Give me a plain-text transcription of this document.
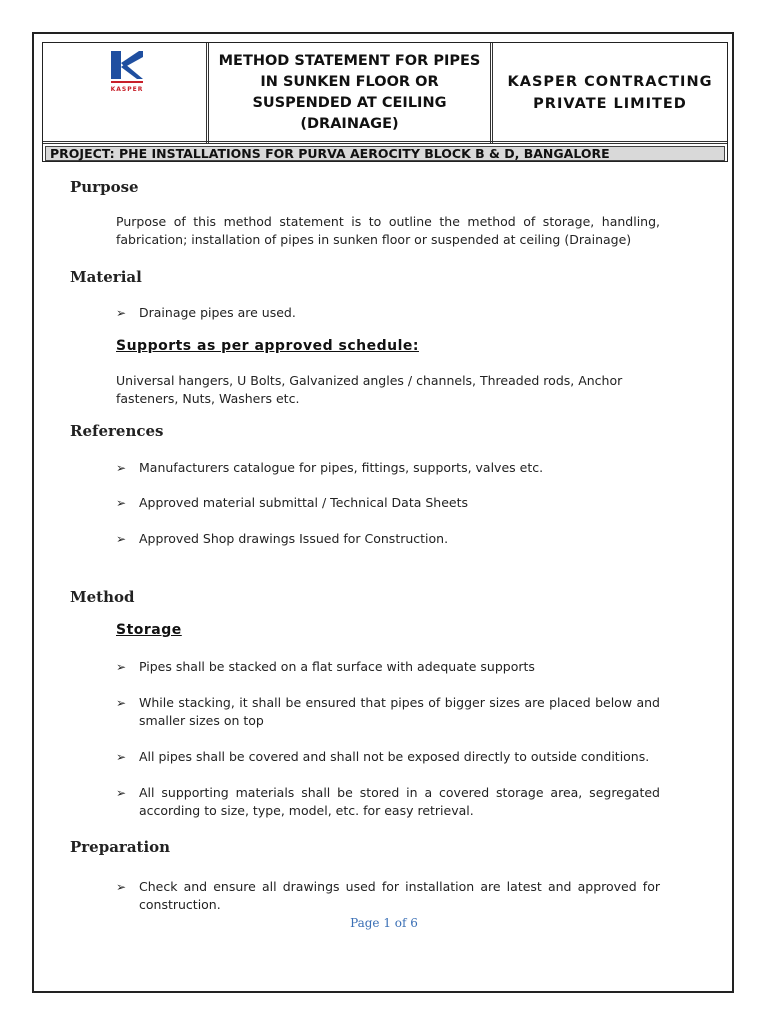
KASPER
METHOD STATEMENT FOR PIPES IN SUNKEN FLOOR OR SUSPENDED AT CEILING (DRAINAGE)
KASPER CONTRACTING PRIVATE LIMITED
PROJECT: PHE INSTALLATIONS FOR PURVA AEROCITY BLOCK B & D, BANGALORE
Purpose
Purpose of this method statement is to outline the method of storage, handling, fabrication; installation of pipes in sunken floor or suspended at ceiling (Drainage)
Material
➢	Drainage pipes are used.
Supports as per approved schedule:
Universal hangers, U Bolts, Galvanized angles / channels, Threaded rods, Anchor fasteners, Nuts, Washers etc.
References
➢	Manufacturers catalogue for pipes, fittings, supports, valves etc.
➢	Approved material submittal / Technical Data Sheets
➢	Approved Shop drawings Issued for Construction.
Method
Storage
➢	Pipes shall be stacked on a flat surface with adequate supports
➢	While stacking, it shall be ensured that pipes of bigger sizes are placed below and smaller sizes on top
➢	All pipes shall be covered and shall not be exposed directly to outside conditions.
➢	All supporting materials shall be stored in a covered storage area, segregated according to size, type, model, etc. for easy retrieval.
Preparation
➢	Check and ensure all drawings used for installation are latest and approved for construction.
Page 1 of 6
